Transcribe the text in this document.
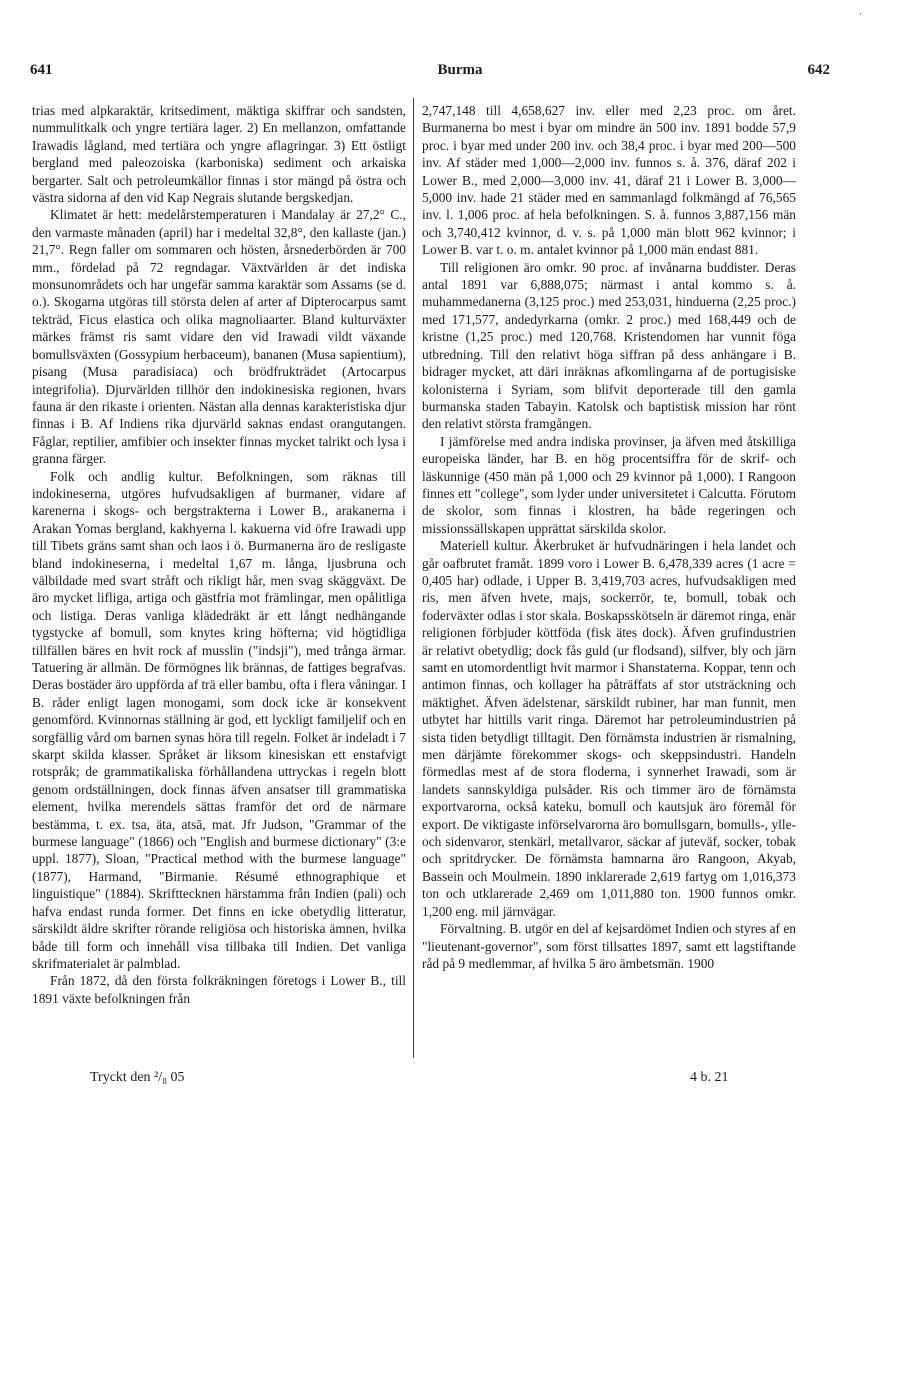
·
641	Burma	642

trias med alpkaraktär, kritsediment, mäktiga skiffrar och sandsten, nummulitkalk och yngre tertiära lager. 2) En mellanzon, omfattande Irawadis lågland, med tertiära och yngre aflagringar. 3) Ett östligt bergland med paleozoiska (karboniska) sediment och arkaiska bergarter. Salt och petroleumkällor finnas i stor mängd på östra och västra sidorna af den vid Kap Negrais slutande bergskedjan.

Klimatet är hett: medelårstemperaturen i Mandalay är 27,2° C., den varmaste månaden (april) har i medeltal 32,8°, den kallaste (jan.) 21,7°. Regn faller om sommaren och hösten, årsnederbörden är 700 mm., fördelad på 72 regndagar. Växtvärlden är det indiska monsunområdets och har ungefär samma karaktär som Assams (se d. o.). Skogarna utgöras till största delen af arter af Dipterocarpus samt tekträd, Ficus elastica och olika magnoliaarter. Bland kulturväxter märkes främst ris samt vidare den vid Irawadi vildt växande bomullsväxten (Gossypium herbaceum), bananen (Musa sapientium), pisang (Musa paradisiaca) och brödfrukträdet (Artocarpus integrifolia). Djurvärlden tillhör den indokinesiska regionen, hvars fauna är den rikaste i orienten. Nästan alla dennas karakteristiska djur finnas i B. Af Indiens rika djurvärld saknas endast orangutangen. Fåglar, reptilier, amfibier och insekter finnas mycket talrikt och lysa i granna färger.

Folk och andlig kultur. Befolkningen, som räknas till indokineserna, utgöres hufvudsakligen af burmaner, vidare af karenerna i skogs- och bergstrakterna i Lower B., arakanerna i Arakan Yomas bergland, kakhyerna l. kakuerna vid öfre Irawadi upp till Tibets gräns samt shan och laos i ö. Burmanerna äro de resligaste bland indokineserna, i medeltal 1,67 m. långa, ljusbruna och välbildade med svart stråft och rikligt hår, men svag skäggväxt. De äro mycket lifliga, artiga och gästfria mot främlingar, men opålitliga och listiga. Deras vanliga klädedräkt är ett långt nedhängande tygstycke af bomull, som knytes kring höfterna; vid högtidliga tillfällen bäres en hvit rock af musslin ("indsji"), med trånga ärmar. Tatuering är allmän. De förmögnes lik brännas, de fattiges begrafvas. Deras bostäder äro uppförda af trä eller bambu, ofta i flera våningar. I B. råder enligt lagen monogami, som dock icke är konsekvent genomförd. Kvinnornas ställning är god, ett lyckligt familjelif och en sorgfällig vård om barnen synas höra till regeln. Folket är indeladt i 7 skarpt skilda klasser. Språket är liksom kinesiskan ett enstafvigt rotspråk; de grammatikaliska förhållandena uttryckas i regeln blott genom ordställningen, dock finnas äfven ansatser till grammatiska element, hvilka merendels sättas framför det ord de närmare bestämma, t. ex. tsa, äta, atsā, mat. Jfr Judson, "Grammar of the burmese language" (1866) och "English and burmese dictionary" (3:e uppl. 1877), Sloan, "Practical method with the burmese language" (1877), Harmand, "Birmanie. Résumé ethnographique et linguistique" (1884). Skrifttecknen härstamma från Indien (pali) och hafva endast runda former. Det finns en icke obetydlig litteratur, särskildt äldre skrifter rörande religiösa och historiska ämnen, hvilka både till form och innehåll visa tillbaka till Indien. Det vanliga skrifmaterialet är palmblad.

Från 1872, då den första folkräkningen företogs i Lower B., till 1891 växte befolkningen från

2,747,148 till 4,658,627 inv. eller med 2,23 proc. om året. Burmanerna bo mest i byar om mindre än 500 inv. 1891 bodde 57,9 proc. i byar med under 200 inv. och 38,4 proc. i byar med 200—500 inv. Af städer med 1,000—2,000 inv. funnos s. å. 376, däraf 202 i Lower B., med 2,000—3,000 inv. 41, däraf 21 i Lower B. 3,000—5,000 inv. hade 21 städer med en sammanlagd folkmängd af 76,565 inv. l. 1,006 proc. af hela befolkningen. S. å. funnos 3,887,156 män och 3,740,412 kvinnor, d. v. s. på 1,000 män blott 962 kvinnor; i Lower B. var t. o. m. antalet kvinnor på 1,000 män endast 881.

Till religionen äro omkr. 90 proc. af invånarna buddister. Deras antal 1891 var 6,888,075; närmast i antal kommo s. å. muhammedanerna (3,125 proc.) med 253,031, hinduerna (2,25 proc.) med 171,577, andedyrkarna (omkr. 2 proc.) med 168,449 och de kristne (1,25 proc.) med 120,768. Kristendomen har vunnit föga utbredning. Till den relativt höga siffran på dess anhängare i B. bidrager mycket, att däri inräknas afkomlingarna af de portugisiske kolonisterna i Syriam, som blifvit deporterade till den gamla burmanska staden Tabayin. Katolsk och baptistisk mission har rönt den relativt största framgången.

I jämförelse med andra indiska provinser, ja äfven med åtskilliga europeiska länder, har B. en hög procentsiffra för de skrif- och läskunnige (450 män på 1,000 och 29 kvinnor på 1,000). I Rangoon finnes ett "college", som lyder under universitetet i Calcutta. Förutom de skolor, som finnas i klostren, ha både regeringen och missionssällskapen upprättat särskilda skolor.

Materiell kultur. Åkerbruket är hufvudnäringen i hela landet och går oafbrutet framåt. 1899 voro i Lower B. 6,478,339 acres (1 acre = 0,405 har) odlade, i Upper B. 3,419,703 acres, hufvudsakligen med ris, men äfven hvete, majs, sockerrör, te, bomull, tobak och foderväxter odlas i stor skala. Boskapsskötseln är däremot ringa, enär religionen förbjuder köttföda (fisk ätes dock). Äfven grufindustrien är relativt obetydlig; dock fås guld (ur flodsand), silfver, bly och järn samt en utomordentligt hvit marmor i Shanstaterna. Koppar, tenn och antimon finnas, och kollager ha påträffats af stor utsträckning och mäktighet. Äfven ädelstenar, särskildt rubiner, har man funnit, men utbytet har hittills varit ringa. Däremot har petroleumindustrien på sista tiden betydligt tilltagit. Den förnämsta industrien är rismalning, men därjämte förekommer skogs- och skeppsindustri. Handeln förmedlas mest af de stora floderna, i synnerhet Irawadi, som är landets sannskyldiga pulsåder. Ris och timmer äro de förnämsta exportvarorna, också kateku, bomull och kautsjuk äro föremål för export. De viktigaste införselvarorna äro bomullsgarn, bomulls-, ylle- och sidenvaror, stenkärl, metallvaror, säckar af juteväf, socker, tobak och spritdrycker. De förnämsta hamnarna äro Rangoon, Akyab, Bassein och Moulmein. 1890 inklarerade 2,619 fartyg om 1,016,373 ton och utklarerade 2,469 om 1,011,880 ton. 1900 funnos omkr. 1,200 eng. mil järnvägar.

Förvaltning. B. utgör en del af kejsardömet Indien och styres af en "lieutenant-governor", som först tillsattes 1897, samt ett lagstiftande råd på 9 medlemmar, af hvilka 5 äro ämbetsmän. 1900

Tryckt den ²/₈ 05	4 b. 21
